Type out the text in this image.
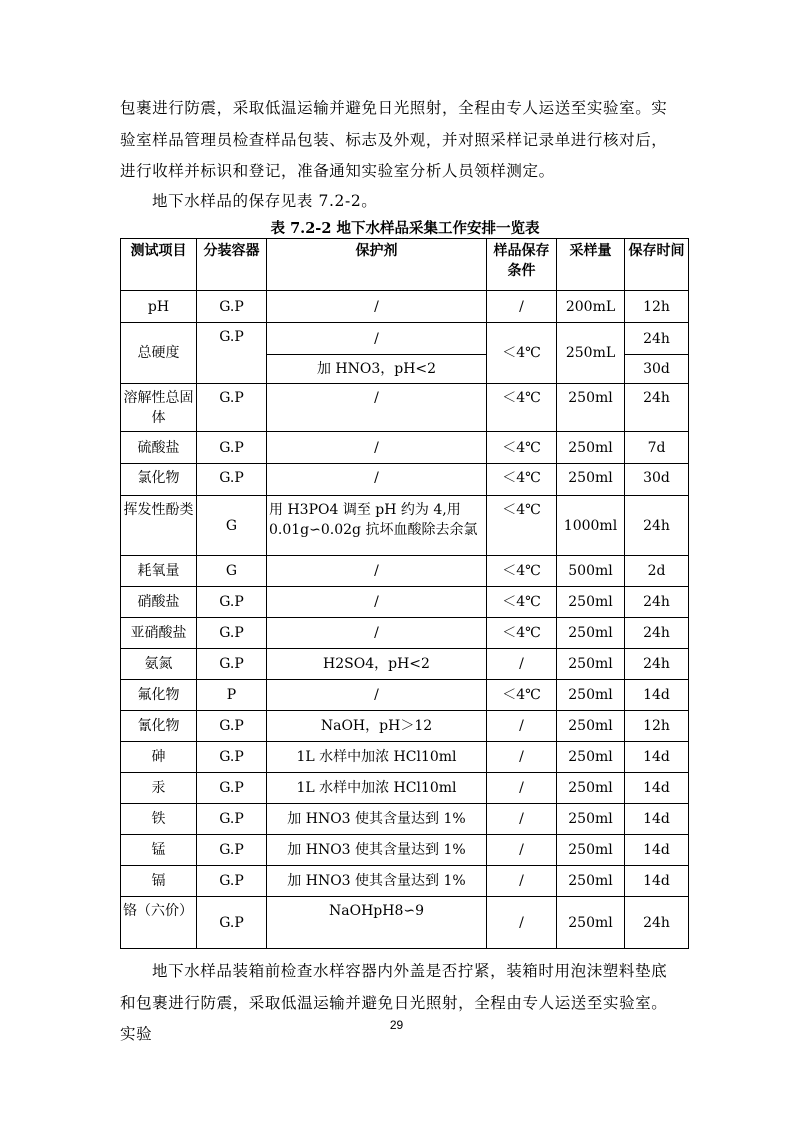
包裹进行防震，采取低温运输并避免日光照射，全程由专人运送至实验室。实验室样品管理员检查样品包装、标志及外观，并对照采样记录单进行核对后，进行收样并标识和登记，准备通知实验室分析人员领样测定。

地下水样品的保存见表 7.2-2。

表 7.2-2 地下水样品采集工作安排一览表
测试项目	分装容器	保护剂	样品保存条件	采样量	保存时间
pH	G.P	/	/	200mL	12h
总硬度	G.P	/	＜4℃	250mL	24h
		加 HNO3，pH<2			30d
溶解性总固体	G.P	/	＜4℃	250ml	24h
硫酸盐	G.P	/	＜4℃	250ml	7d
氯化物	G.P	/	＜4℃	250ml	30d
挥发性酚类	G	用 H3PO4 调至 pH 约为 4,用 0.01g∽0.02g 抗坏血酸除去余氯	＜4℃	1000ml	24h
耗氧量	G	/	＜4℃	500ml	2d
硝酸盐	G.P	/	＜4℃	250ml	24h
亚硝酸盐	G.P	/	＜4℃	250ml	24h
氨氮	G.P	H2SO4，pH<2	/	250ml	24h
氟化物	P	/	＜4℃	250ml	14d
氰化物	G.P	NaOH，pH＞12	/	250ml	12h
砷	G.P	1L 水样中加浓 HCl10ml	/	250ml	14d
汞	G.P	1L 水样中加浓 HCl10ml	/	250ml	14d
铁	G.P	加 HNO3 使其含量达到 1%	/	250ml	14d
锰	G.P	加 HNO3 使其含量达到 1%	/	250ml	14d
镉	G.P	加 HNO3 使其含量达到 1%	/	250ml	14d
铬（六价）	G.P	NaOHpH8∽9	/	250ml	24h

地下水样品装箱前检查水样容器内外盖是否拧紧，装箱时用泡沫塑料垫底和包裹进行防震，采取低温运输并避免日光照射，全程由专人运送至实验室。实验	29
